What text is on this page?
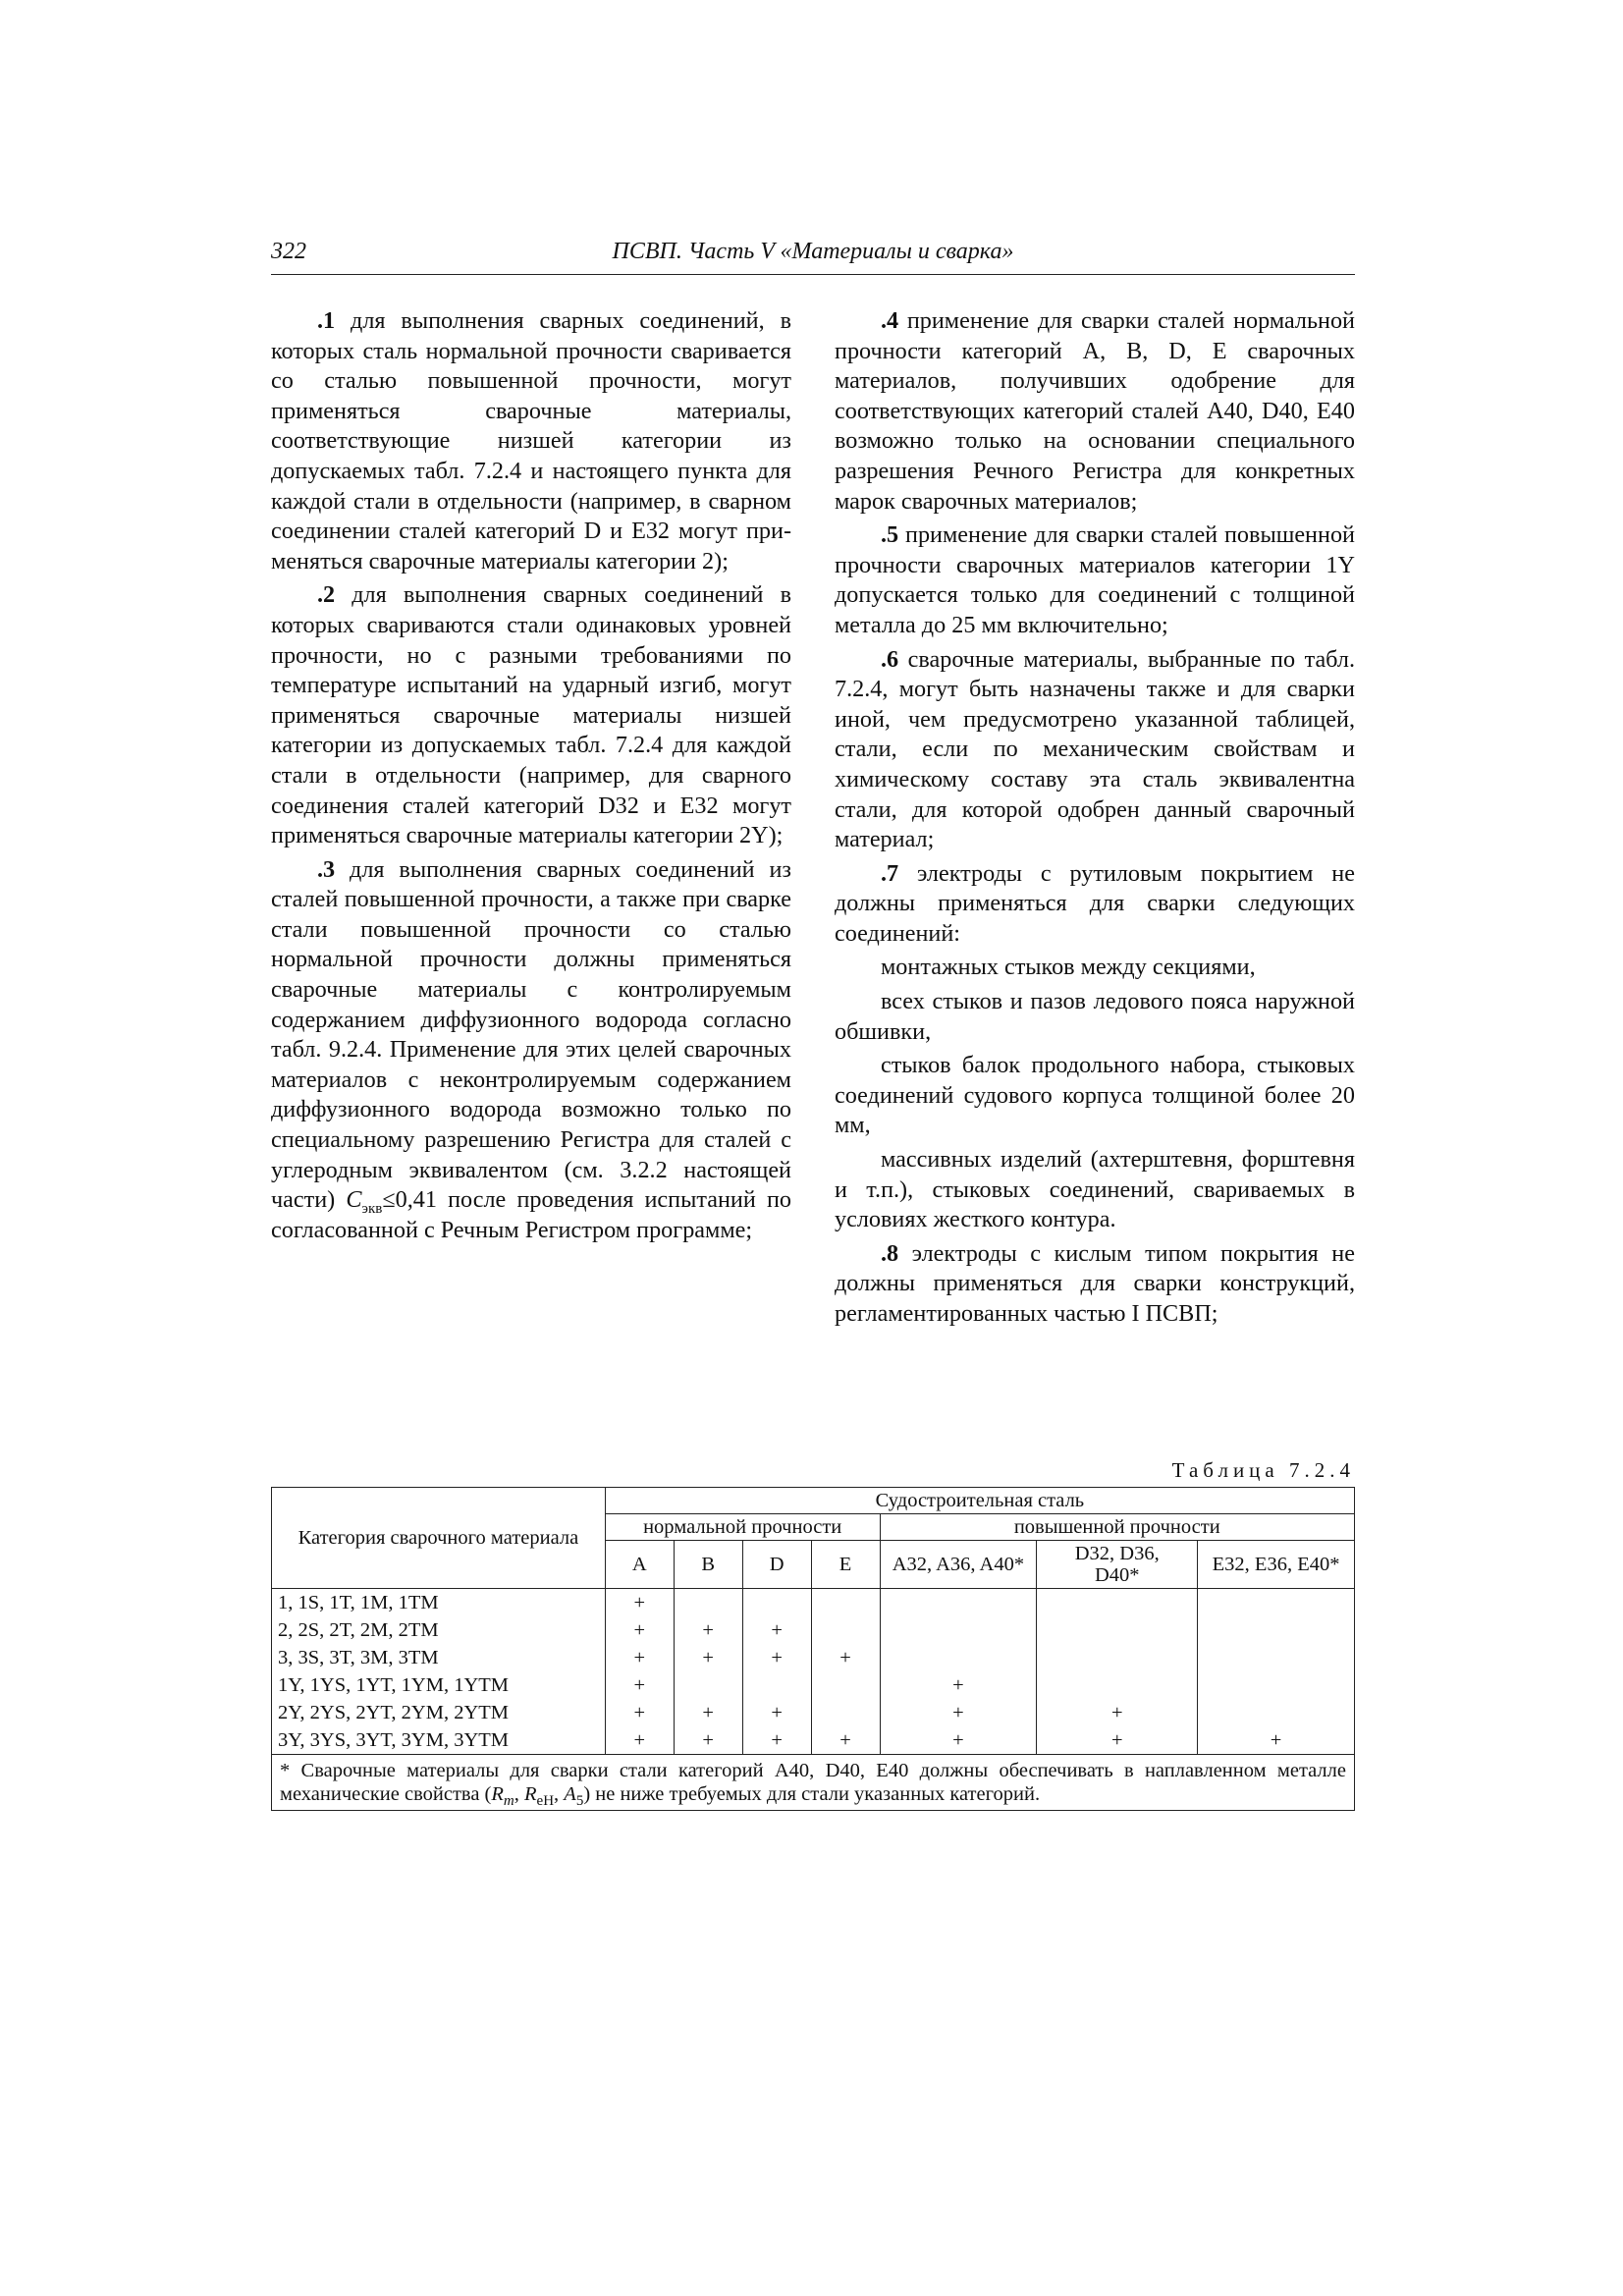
322	ПСВП. Часть V «Материалы и сварка»

.1 для выполнения сварных соединений, в которых сталь нормальной прочности сваривается со сталью повышенной прочности, могут применяться сварочные материалы, соответствующие низшей категории из допускаемых табл. 7.2.4 и настоящего пункта для каждой стали в отдельности (например, в сварном соединении сталей категорий D и Е32 могут применяться сварочные материалы категории 2);

.2 для выполнения сварных соединений в которых свариваются стали одинаковых уровней прочности, но с разными требованиями по температуре испытаний на ударный изгиб, могут применяться сварочные материалы низшей категории из допускаемых табл. 7.2.4 для каждой стали в отдельности (например, для сварного соединения сталей категорий D32 и Е32 могут применяться сварочные материалы категории 2Y);

.3 для выполнения сварных соединений из сталей повышенной прочности, а также при сварке стали повышенной прочности со сталью нормальной прочности должны применяться сварочные материалы с контролируемым содержанием диффузионного водорода согласно табл. 9.2.4. Применение для этих целей сварочных материалов с неконтролируемым содержанием диффузионного водорода возможно только по специальному разрешению Регистра для сталей с углеродным эквивалентом (см. 3.2.2 настоящей части) $С_{экв}\le 0,41$ после проведения испытаний по согласованной с Речным Регистром программе;

.4 применение для сварки сталей нормальной прочности категорий А, В, D, E сварочных материалов, получивших одобрение для соответствующих категорий сталей А40, D40, E40 возможно только на основании специального разрешения Речного Регистра для конкретных марок сварочных материалов;

.5 применение для сварки сталей повышенной прочности сварочных материалов категории 1Y допускается только для соединений с толщиной металла до 25 мм включительно;

.6 сварочные материалы, выбранные по табл. 7.2.4, могут быть назначены также и для сварки иной, чем предусмотрено указанной таблицей, стали, если по механическим свойствам и химическому составу эта сталь эквивалентна стали, для которой одобрен данный сварочный материал;

.7 электроды с рутиловым покрытием не должны применяться для сварки следующих соединений:

монтажных стыков между секциями,

всех стыков и пазов ледового пояса наружной обшивки,

стыков балок продольного набора, стыковых соединений судового корпуса толщиной более 20 мм,

массивных изделий (ахтерштевня, форштевня и т.п.), стыковых соединений, свариваемых в условиях жесткого контура.

.8 электроды с кислым типом покрытия не должны применяться для сварки конструкций, регламентированных частью I ПСВП;

Таблица 7.2.4
Категория сварочного материала	Судостроительная сталь						
	нормальной прочности				повышенной прочности		
	A	B	D	E	A32, A36, A40*	D32, D36, D40*	E32, E36, E40*
1, 1S, 1T, 1M, 1TM	+						
2, 2S, 2T, 2M, 2TM	+	+	+				
3, 3S, 3T, 3M, 3TM	+	+	+	+			
1Y, 1YS, 1YT, 1YM, 1YTM	+				+		
2Y, 2YS, 2YT, 2YM, 2YTM	+	+	+		+	+	
3Y, 3YS, 3YT, 3YM, 3YTM	+	+	+	+	+	+	+
* Сварочные материалы для сварки стали категорий А40, D40, Е40 должны обеспечивать в наплавленном металле механические свойства ($R_m$, $R_{eH}$, $A_5$) не ниже требуемых для стали указанных категорий.							
